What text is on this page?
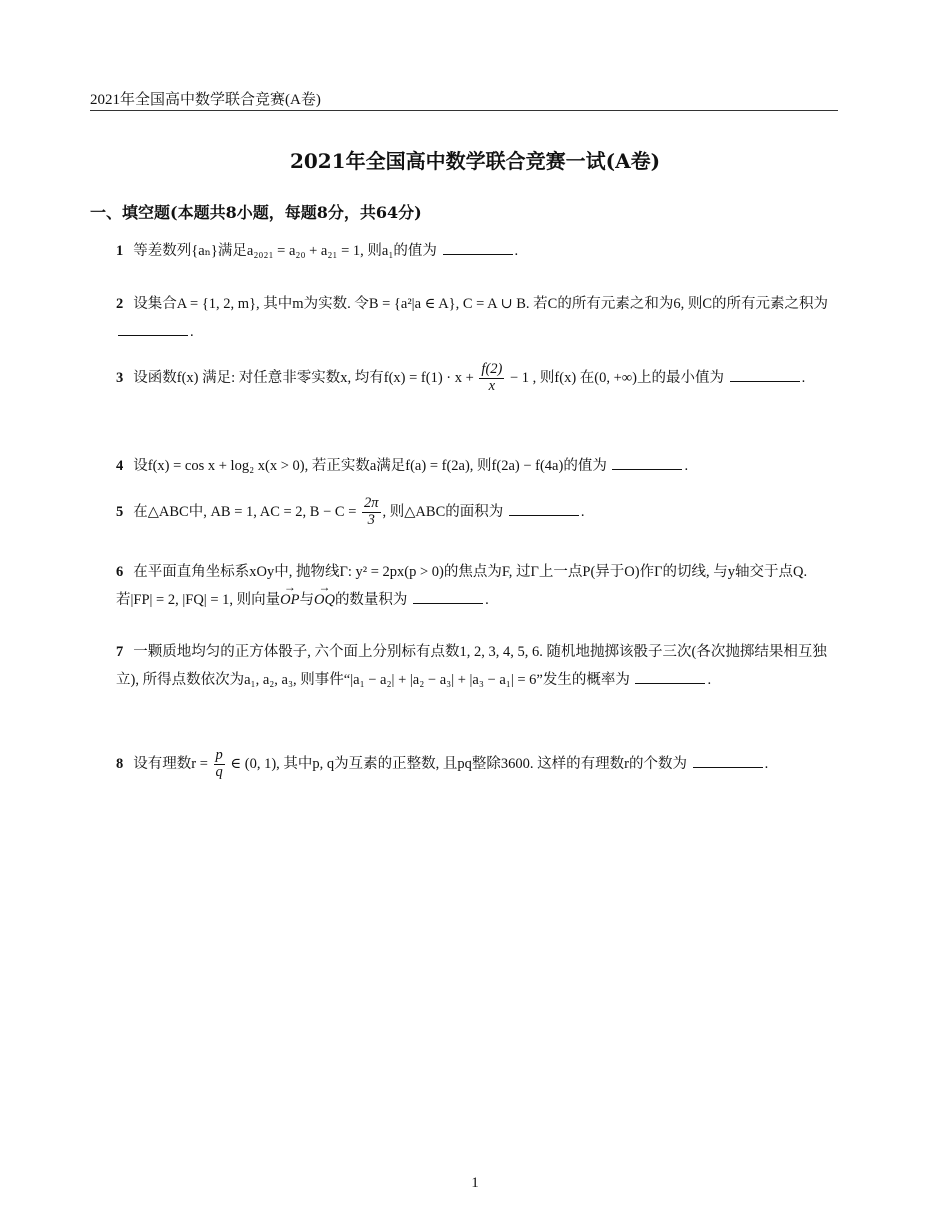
2021年全国高中数学联合竞赛(A卷)
2021年全国高中数学联合竞赛一试(A卷)
一、填空题(本题共8小题，每题8分，共64分)
1 等差数列{aₙ}满足a₂₀₂₁ = a₂₀ + a₂₁ = 1, 则a₁的值为	.
2 设集合A = {1, 2, m}, 其中m为实数. 令B = {a²|a ∈ A}, C = A ∪ B. 若C的所有元素之和为6, 则C的所有元素之积为 .
3 设函数f(x) 满足: 对任意非零实数x, 均有$f(x) = f(1) \cdot x + \frac{f(2)}{x} - 1$ , 则f(x) 在(0, +∞)上的最小值为	.
4 设f(x) = cos x + log₂ x(x > 0), 若正实数a满足f(a) = f(2a), 则f(2a) − f(4a)的值为	.
5 在△ABC中, AB = 1, AC = 2, $B - C = \frac{2\pi}{3}$ , 则△ABC的面积为	.
6 在平面直角坐标系xOy中, 抛物线Γ: y² = 2px(p > 0)的焦点为F, 过Γ上一点P(异于O)作Γ的切线, 与y轴交于点Q. 若|FP| = 2, |FQ| = 1, 则向量→ OP与→ OQ的数量积为	.
7 一颗质地均匀的正方体骰子, 六个面上分别标有点数1, 2, 3, 4, 5, 6. 随机地抛掷该骰子三次(各次抛掷结果相互独立), 所得点数依次为a₁, a₂, a₃, 则事件“|a₁ − a₂| + |a₂ − a₃| + |a₃ − a₁| = 6”发生的概率为	.
8 设有理数$r = \frac{p}{q}$ ∈ (0, 1), 其中p, q为互素的正整数, 且pq整除3600. 这样的有理数r的个数为	.
1
